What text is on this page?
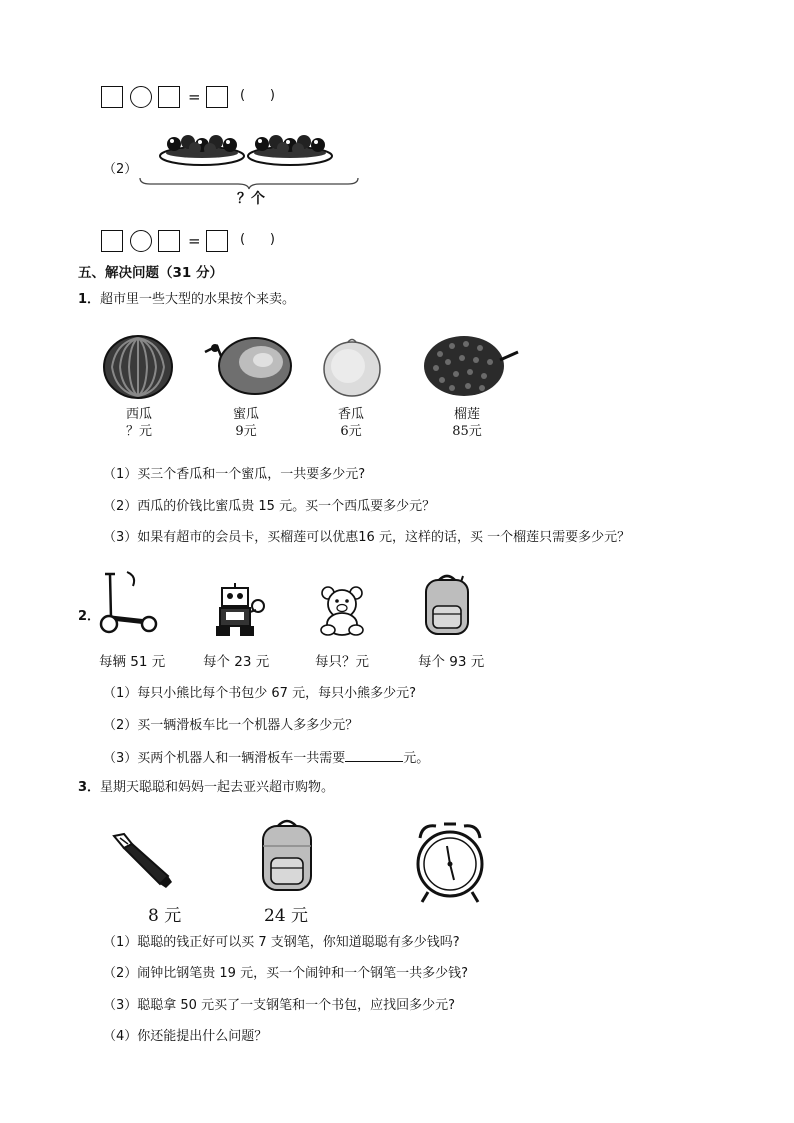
=	(      )
（2）
？个
=	(      )
五、解决问题（31 分）
1．超市里一些大型的水果按个来卖。
西瓜
？元
蜜瓜
9元
香瓜
6元
榴莲
85元
（1）买三个香瓜和一个蜜瓜，一共要多少元?
（2）西瓜的价钱比蜜瓜贵 15 元。买一个西瓜要多少元？
（3）如果有超市的会员卡，买榴莲可以优惠16 元，这样的话，买 一个榴莲只需要多少元？
2．
每辆 51 元	每个 23 元	每只？元	每个 93 元
（1）每只小熊比每个书包少 67 元，每只小熊多少元?
（2）买一辆滑板车比一个机器人多多少元？
（3）买两个机器人和一辆滑板车一共需要	元。
3．星期天聪聪和妈妈一起去亚兴超市购物。
8 元	24 元
（1）聪聪的钱正好可以买 7 支钢笔，你知道聪聪有多少钱吗?
（2）闹钟比钢笔贵 19 元，买一个闹钟和一个钢笔一共多少钱?
（3）聪聪拿 50 元买了一支钢笔和一个书包，应找回多少元?
（4）你还能提出什么问题？
